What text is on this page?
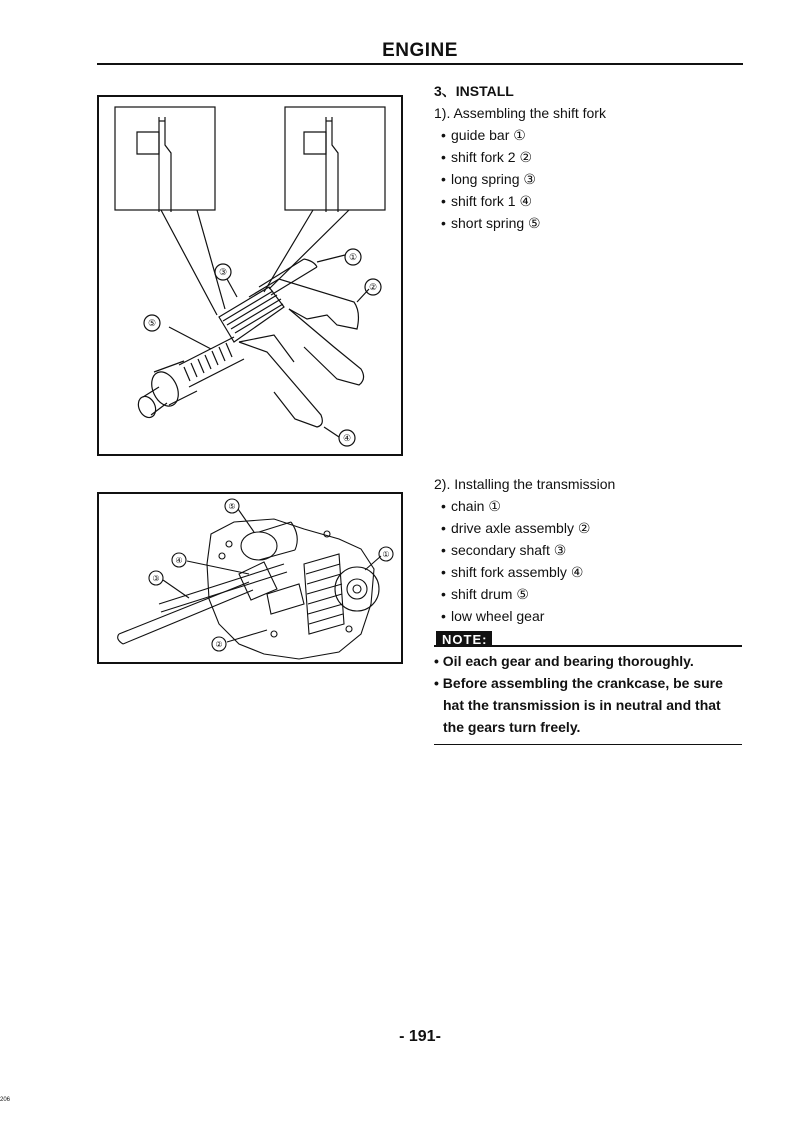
ENGINE
①
②
③
④
⑤
①
②
③
④
⑤
3、INSTALL
1). Assembling the shift fork
• guide bar ①
• shift fork 2 ②
• long spring ③
• shift fork 1 ④
• short spring ⑤
2). Installing the transmission
• chain ①
• drive axle assembly ②
• secondary shaft ③
• shift fork assembly ④
• shift drum ⑤
• low wheel gear
NOTE:
• Oil each gear and bearing thoroughly.
• Before assembling the crankcase, be sure hat the transmission is in neutral and that the gears turn freely.
- 191-
206
